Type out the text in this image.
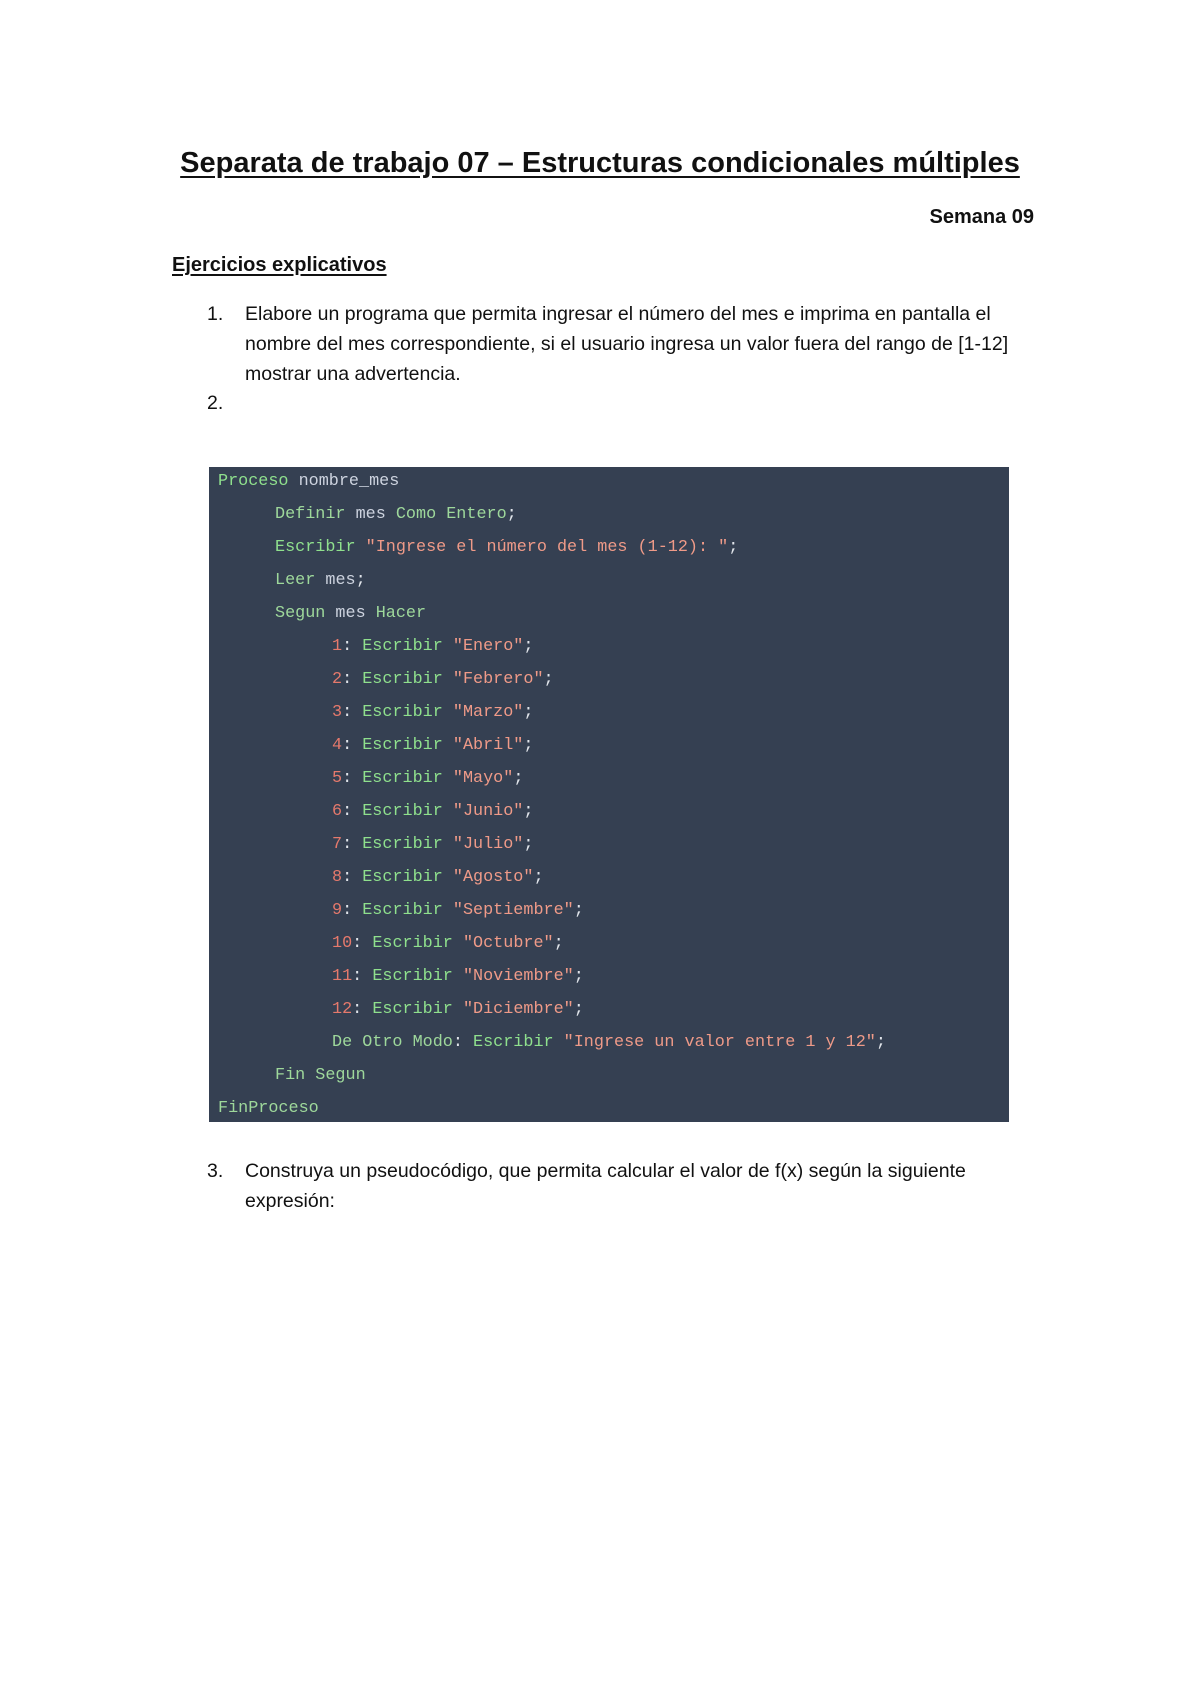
Separata de trabajo 07 – Estructuras condicionales múltiples

Semana 09

Ejercicios explicativos

1.	Elabore un programa que permita ingresar el número del mes e imprima en pantalla el nombre del mes correspondiente, si el usuario ingresa un valor fuera del rango de [1-12] mostrar una advertencia.
2.
Proceso nombre_mes
Definir mes Como Entero;
Escribir "Ingrese el número del mes (1-12): ";
Leer mes;
Segun mes Hacer
1: Escribir "Enero";
2: Escribir "Febrero";
3: Escribir "Marzo";
4: Escribir "Abril";
5: Escribir "Mayo";
6: Escribir "Junio";
7: Escribir "Julio";
8: Escribir "Agosto";
9: Escribir "Septiembre";
10: Escribir "Octubre";
11: Escribir "Noviembre";
12: Escribir "Diciembre";
De Otro Modo: Escribir "Ingrese un valor entre 1 y 12";
Fin Segun
FinProceso
3.	Construya un pseudocódigo, que permita calcular el valor de f(x) según la siguiente expresión:
